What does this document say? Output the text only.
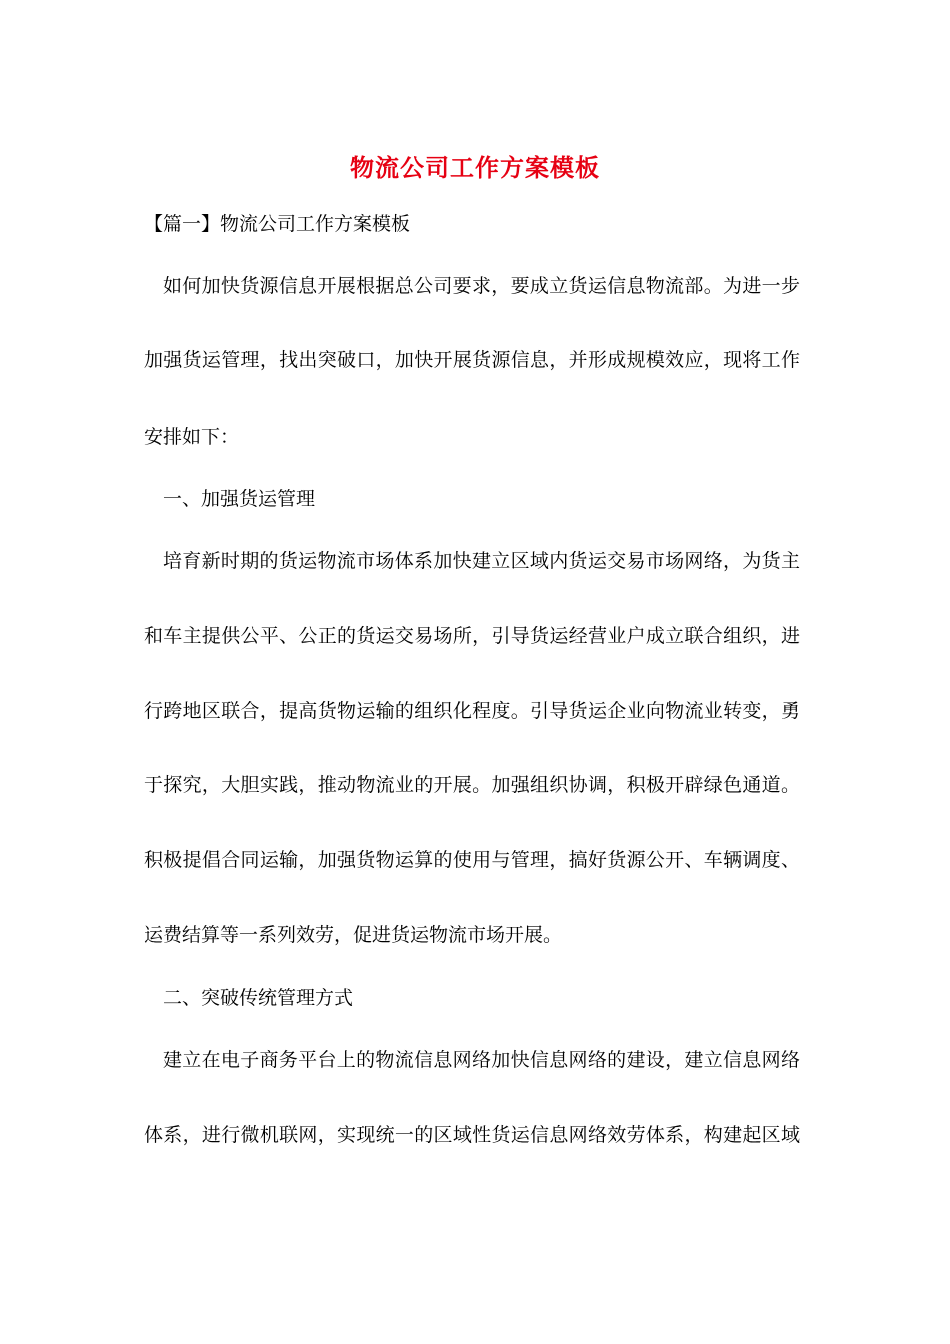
物流公司工作方案模板
【篇一】物流公司工作方案模板
如何加快货源信息开展根据总公司要求，要成立货运信息物流部。为进一步
加强货运管理，找出突破口，加快开展货源信息，并形成规模效应，现将工作
安排如下：
一、加强货运管理
培育新时期的货运物流市场体系加快建立区域内货运交易市场网络，为货主
和车主提供公平、公正的货运交易场所，引导货运经营业户成立联合组织，进
行跨地区联合，提高货物运输的组织化程度。引导货运企业向物流业转变，勇
于探究，大胆实践，推动物流业的开展。加强组织协调，积极开辟绿色通道。
积极提倡合同运输，加强货物运算的使用与管理，搞好货源公开、车辆调度、
运费结算等一系列效劳，促进货运物流市场开展。
二、突破传统管理方式
建立在电子商务平台上的物流信息网络加快信息网络的建设，建立信息网络
体系，进行微机联网，实现统一的区域性货运信息网络效劳体系，构建起区域
